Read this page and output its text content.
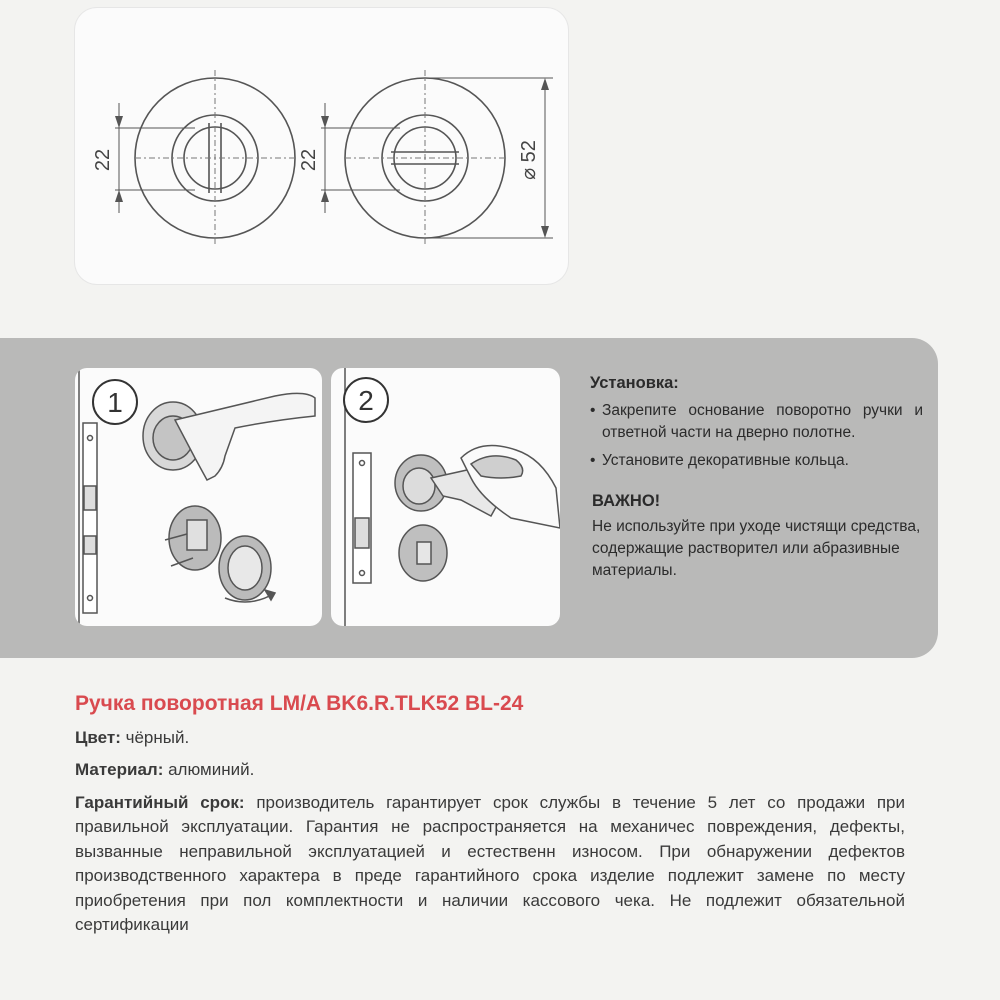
22	22	⌀ 52
1	2
Установка:
• Закрепите основание поворотно ручки и ответной части на дверно полотне.
• Установите декоративные кольца.
ВАЖНО!
Не используйте при уходе чистящи средства, содержащие растворител или абразивные материалы.
Ручка поворотная LM/A BK6.R.TLK52 BL-24
Цвет: чёрный.
Материал: алюминий.
Гарантийный срок: производитель гарантирует срок службы в течение 5 лет со продажи при правильной эксплуатации. Гарантия не распространяется на механичес повреждения, дефекты, вызванные неправильной эксплуатацией и естественн износом. При обнаружении дефектов производственного характера в преде гарантийного срока изделие подлежит замене по месту приобретения при пол комплектности и наличии кассового чека. Не подлежит обязательной сертификации
